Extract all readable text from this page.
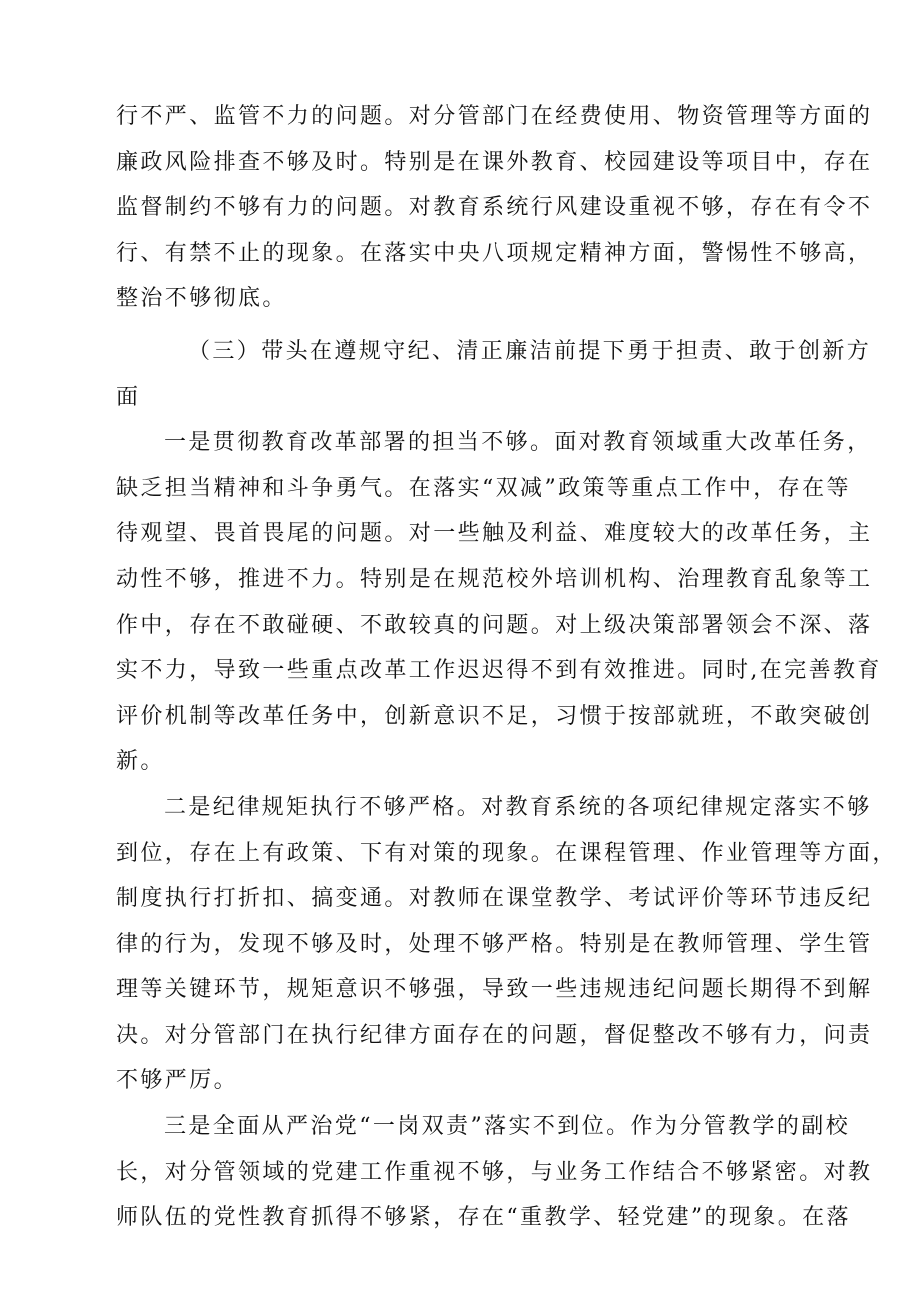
行不严、监管不力的问题。对分管部门在经费使用、物资管理等方面的
廉政风险排查不够及时。特别是在课外教育、校园建设等项目中，存在
监督制约不够有力的问题。对教育系统行风建设重视不够，存在有令不
行、有禁不止的现象。在落实中央八项规定精神方面，警惕性不够高，
整治不够彻底。
（三）带头在遵规守纪、清正廉洁前提下勇于担责、敢于创新方
面
一是贯彻教育改革部署的担当不够。面对教育领域重大改革任务，
缺乏担当精神和斗争勇气。在落实“双减”政策等重点工作中，存在等
待观望、畏首畏尾的问题。对一些触及利益、难度较大的改革任务，主
动性不够，推进不力。特别是在规范校外培训机构、治理教育乱象等工
作中，存在不敢碰硬、不敢较真的问题。对上级决策部署领会不深、落
实不力，导致一些重点改革工作迟迟得不到有效推进。同时,在完善教育
评价机制等改革任务中，创新意识不足，习惯于按部就班，不敢突破创
新。
二是纪律规矩执行不够严格。对教育系统的各项纪律规定落实不够
到位，存在上有政策、下有对策的现象。在课程管理、作业管理等方面，
制度执行打折扣、搞变通。对教师在课堂教学、考试评价等环节违反纪
律的行为，发现不够及时，处理不够严格。特别是在教师管理、学生管
理等关键环节，规矩意识不够强，导致一些违规违纪问题长期得不到解
决。对分管部门在执行纪律方面存在的问题，督促整改不够有力，问责
不够严厉。
三是全面从严治党“一岗双责”落实不到位。作为分管教学的副校
长，对分管领域的党建工作重视不够，与业务工作结合不够紧密。对教
师队伍的党性教育抓得不够紧，存在“重教学、轻党建”的现象。在落
